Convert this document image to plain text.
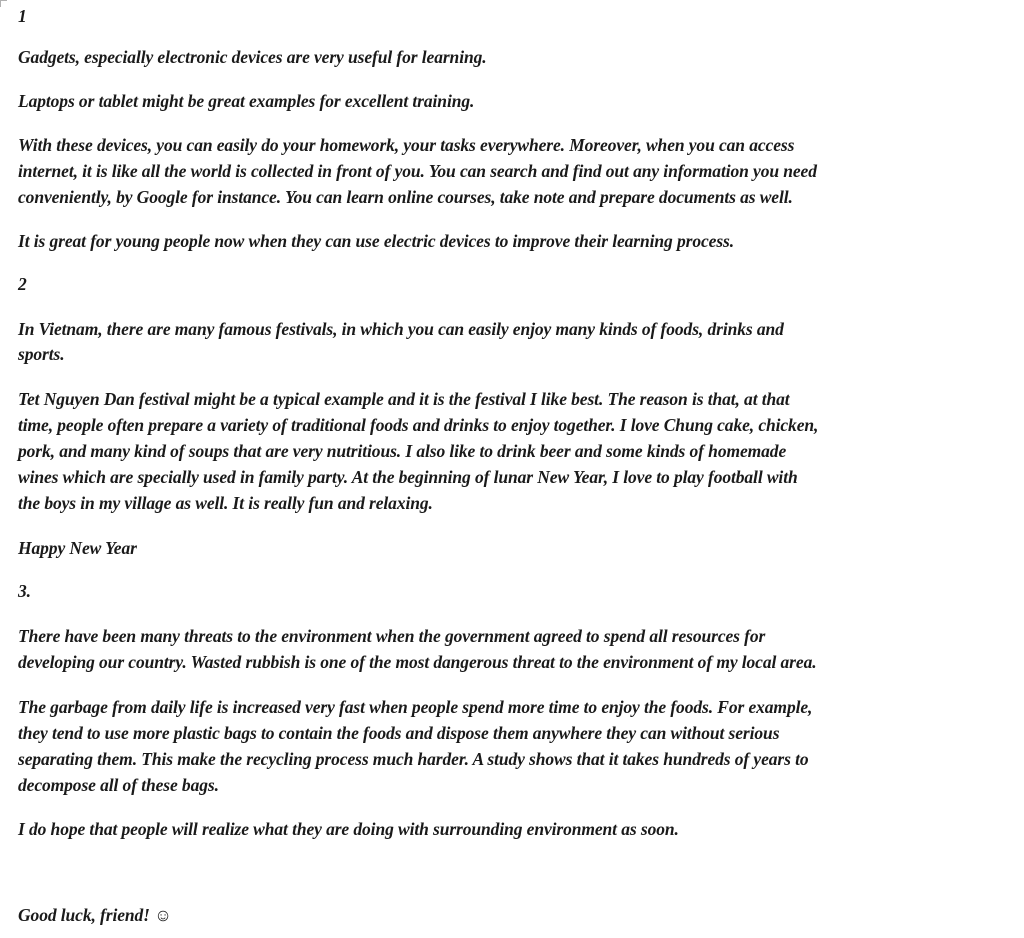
1
Gadgets, especially electronic devices are very useful for learning.
Laptops or tablet might be great examples for excellent training.
With these devices, you can easily do your homework, your tasks everywhere. Moreover, when you can access
internet, it is like all the world is collected in front of you. You can search and find out any information you need
conveniently, by Google for instance. You can learn online courses, take note and prepare documents as well.
It is great for young people now when they can use electric devices to improve their learning process.
2
In Vietnam, there are many famous festivals, in which you can easily enjoy many kinds of foods, drinks and
sports.
Tet Nguyen Dan festival might be a typical example and it is the festival I like best. The reason is that, at that
time, people often prepare a variety of traditional foods and drinks to enjoy together. I love Chung cake, chicken,
pork, and many kind of soups that are very nutritious. I also like to drink beer and some kinds of homemade
wines which are specially used in family party. At the beginning of lunar New Year, I love to play football with
the boys in my village as well. It is really fun and relaxing.
Happy New Year
3.
There have been many threats to the environment when the government agreed to spend all resources for
developing our country. Wasted rubbish is one of the most dangerous threat to the environment of my local area.
The garbage from daily life is increased very fast when people spend more time to enjoy the foods. For example,
they tend to use more plastic bags to contain the foods and dispose them anywhere they can without serious
separating them. This make the recycling process much harder. A study shows that it takes hundreds of years to
decompose all of these bags.
I do hope that people will realize what they are doing with surrounding environment as soon.
Good luck, friend! ☺
